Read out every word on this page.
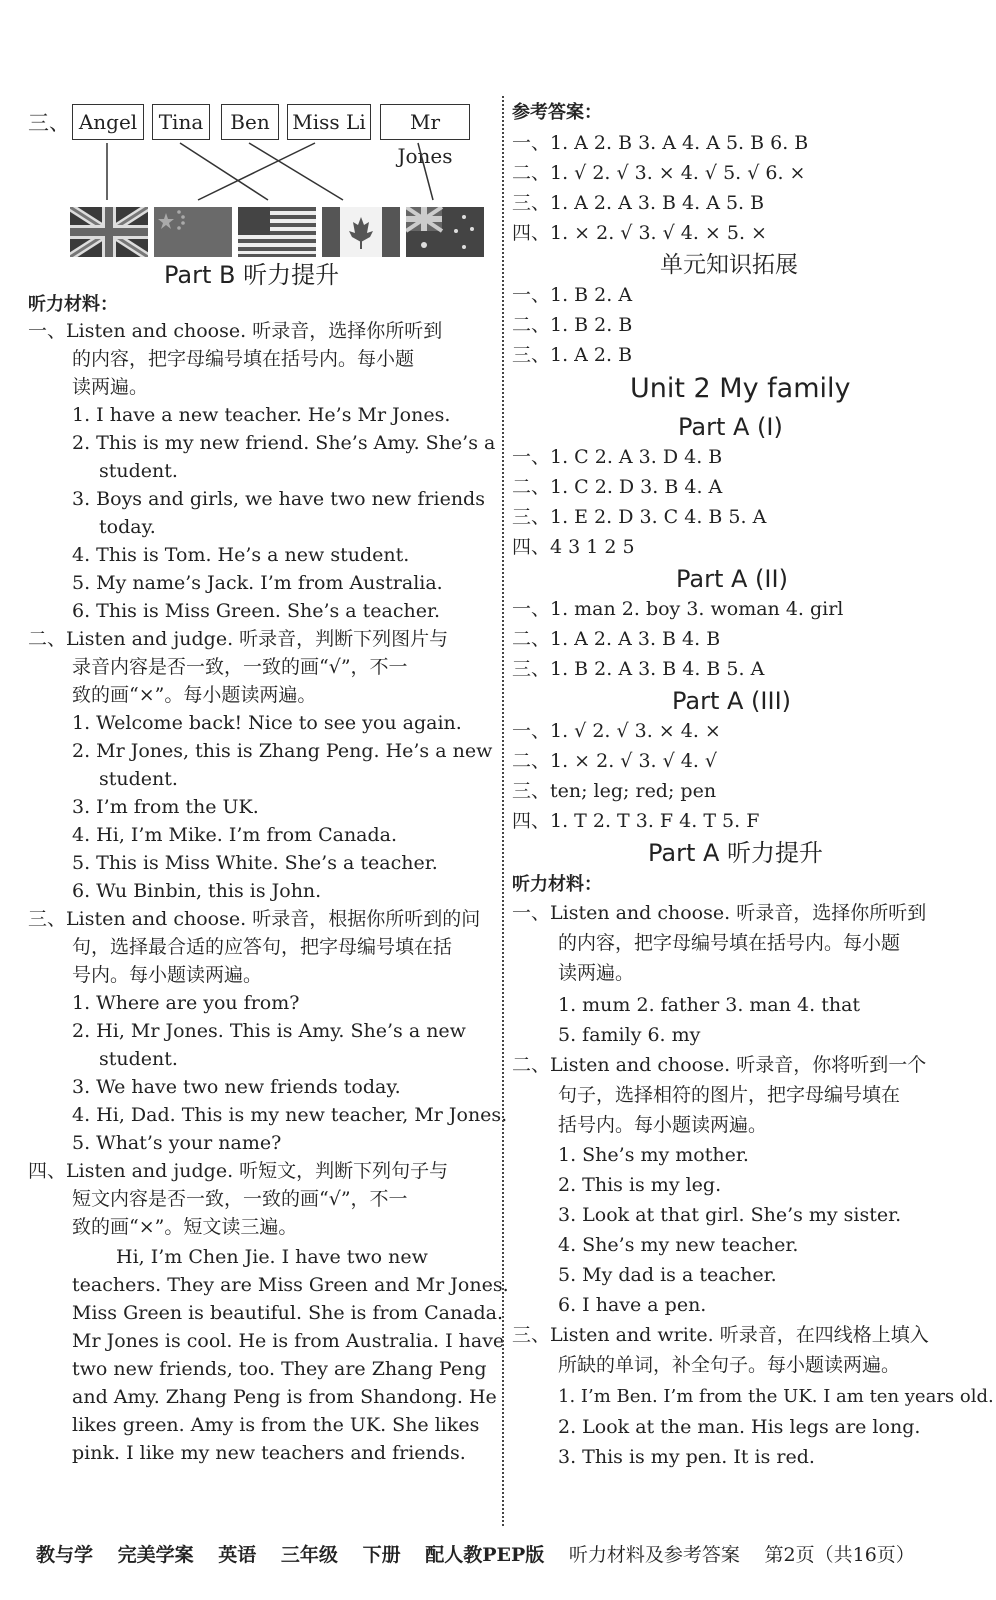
三、 Angel	Tina	Ben	Miss Li	Mr Jones
Part B 听力提升
听力材料：
一、Listen and choose. 听录音，选择你所听到
的内容，把字母编号填在括号内。每小题
读两遍。
1. I have a new teacher. He’s Mr Jones.
2. This is my new friend. She’s Amy. She’s a
student.
3. Boys and girls, we have two new friends
today.
4. This is Tom. He’s a new student.
5. My name’s Jack. I’m from Australia.
6. This is Miss Green. She’s a teacher.
二、Listen and judge. 听录音，判断下列图片与
录音内容是否一致，一致的画“√”，不一
致的画“×”。每小题读两遍。
1. Welcome back! Nice to see you again.
2. Mr Jones, this is Zhang Peng. He’s a new
student.
3. I’m from the UK.
4. Hi, I’m Mike. I’m from Canada.
5. This is Miss White. She’s a teacher.
6. Wu Binbin, this is John.
三、Listen and choose. 听录音，根据你所听到的问
句，选择最合适的应答句，把字母编号填在括
号内。每小题读两遍。
1. Where are you from?
2. Hi, Mr Jones. This is Amy. She’s a new
student.
3. We have two new friends today.
4. Hi, Dad. This is my new teacher, Mr Jones.
5. What’s your name?
四、Listen and judge. 听短文，判断下列句子与
短文内容是否一致，一致的画“√”，不一
致的画“×”。短文读三遍。
Hi, I’m Chen Jie. I have two new
teachers. They are Miss Green and Mr Jones.
Miss Green is beautiful. She is from Canada.
Mr Jones is cool. He is from Australia. I have
two new friends, too. They are Zhang Peng
and Amy. Zhang Peng is from Shandong. He
likes green. Amy is from the UK. She likes
pink. I like my new teachers and friends.
参考答案：
一、1. A 2. B 3. A 4. A 5. B 6. B
二、1. √ 2. √ 3. × 4. √ 5. √ 6. ×
三、1. A 2. A 3. B 4. A 5. B
四、1. × 2. √ 3. √ 4. × 5. ×
单元知识拓展
一、1. B 2. A
二、1. B 2. B
三、1. A 2. B
Unit 2 My family
Part A (I)
一、1. C 2. A 3. D 4. B
二、1. C 2. D 3. B 4. A
三、1. E 2. D 3. C 4. B 5. A
四、4 3 1 2 5
Part A (II)
一、1. man 2. boy 3. woman 4. girl
二、1. A 2. A 3. B 4. B
三、1. B 2. A 3. B 4. B 5. A
Part A (III)
一、1. √ 2. √ 3. × 4. ×
二、1. × 2. √ 3. √ 4. √
三、ten; leg; red; pen
四、1. T 2. T 3. F 4. T 5. F
Part A 听力提升
听力材料：
一、Listen and choose. 听录音，选择你所听到
的内容，把字母编号填在括号内。每小题
读两遍。
1. mum 2. father 3. man 4. that
5. family 6. my
二、Listen and choose. 听录音，你将听到一个
句子，选择相符的图片，把字母编号填在
括号内。每小题读两遍。
1. She’s my mother.
2. This is my leg.
3. Look at that girl. She’s my sister.
4. She’s my new teacher.
5. My dad is a teacher.
6. I have a pen.
三、Listen and write. 听录音，在四线格上填入
所缺的单词，补全句子。每小题读两遍。
1. I’m Ben. I’m from the UK. I am ten years old.
2. Look at the man. His legs are long.
3. This is my pen. It is red.
教与学 完美学案 英语 三年级 下册 配人教PEP版 听力材料及参考答案 第2页（共16页）
